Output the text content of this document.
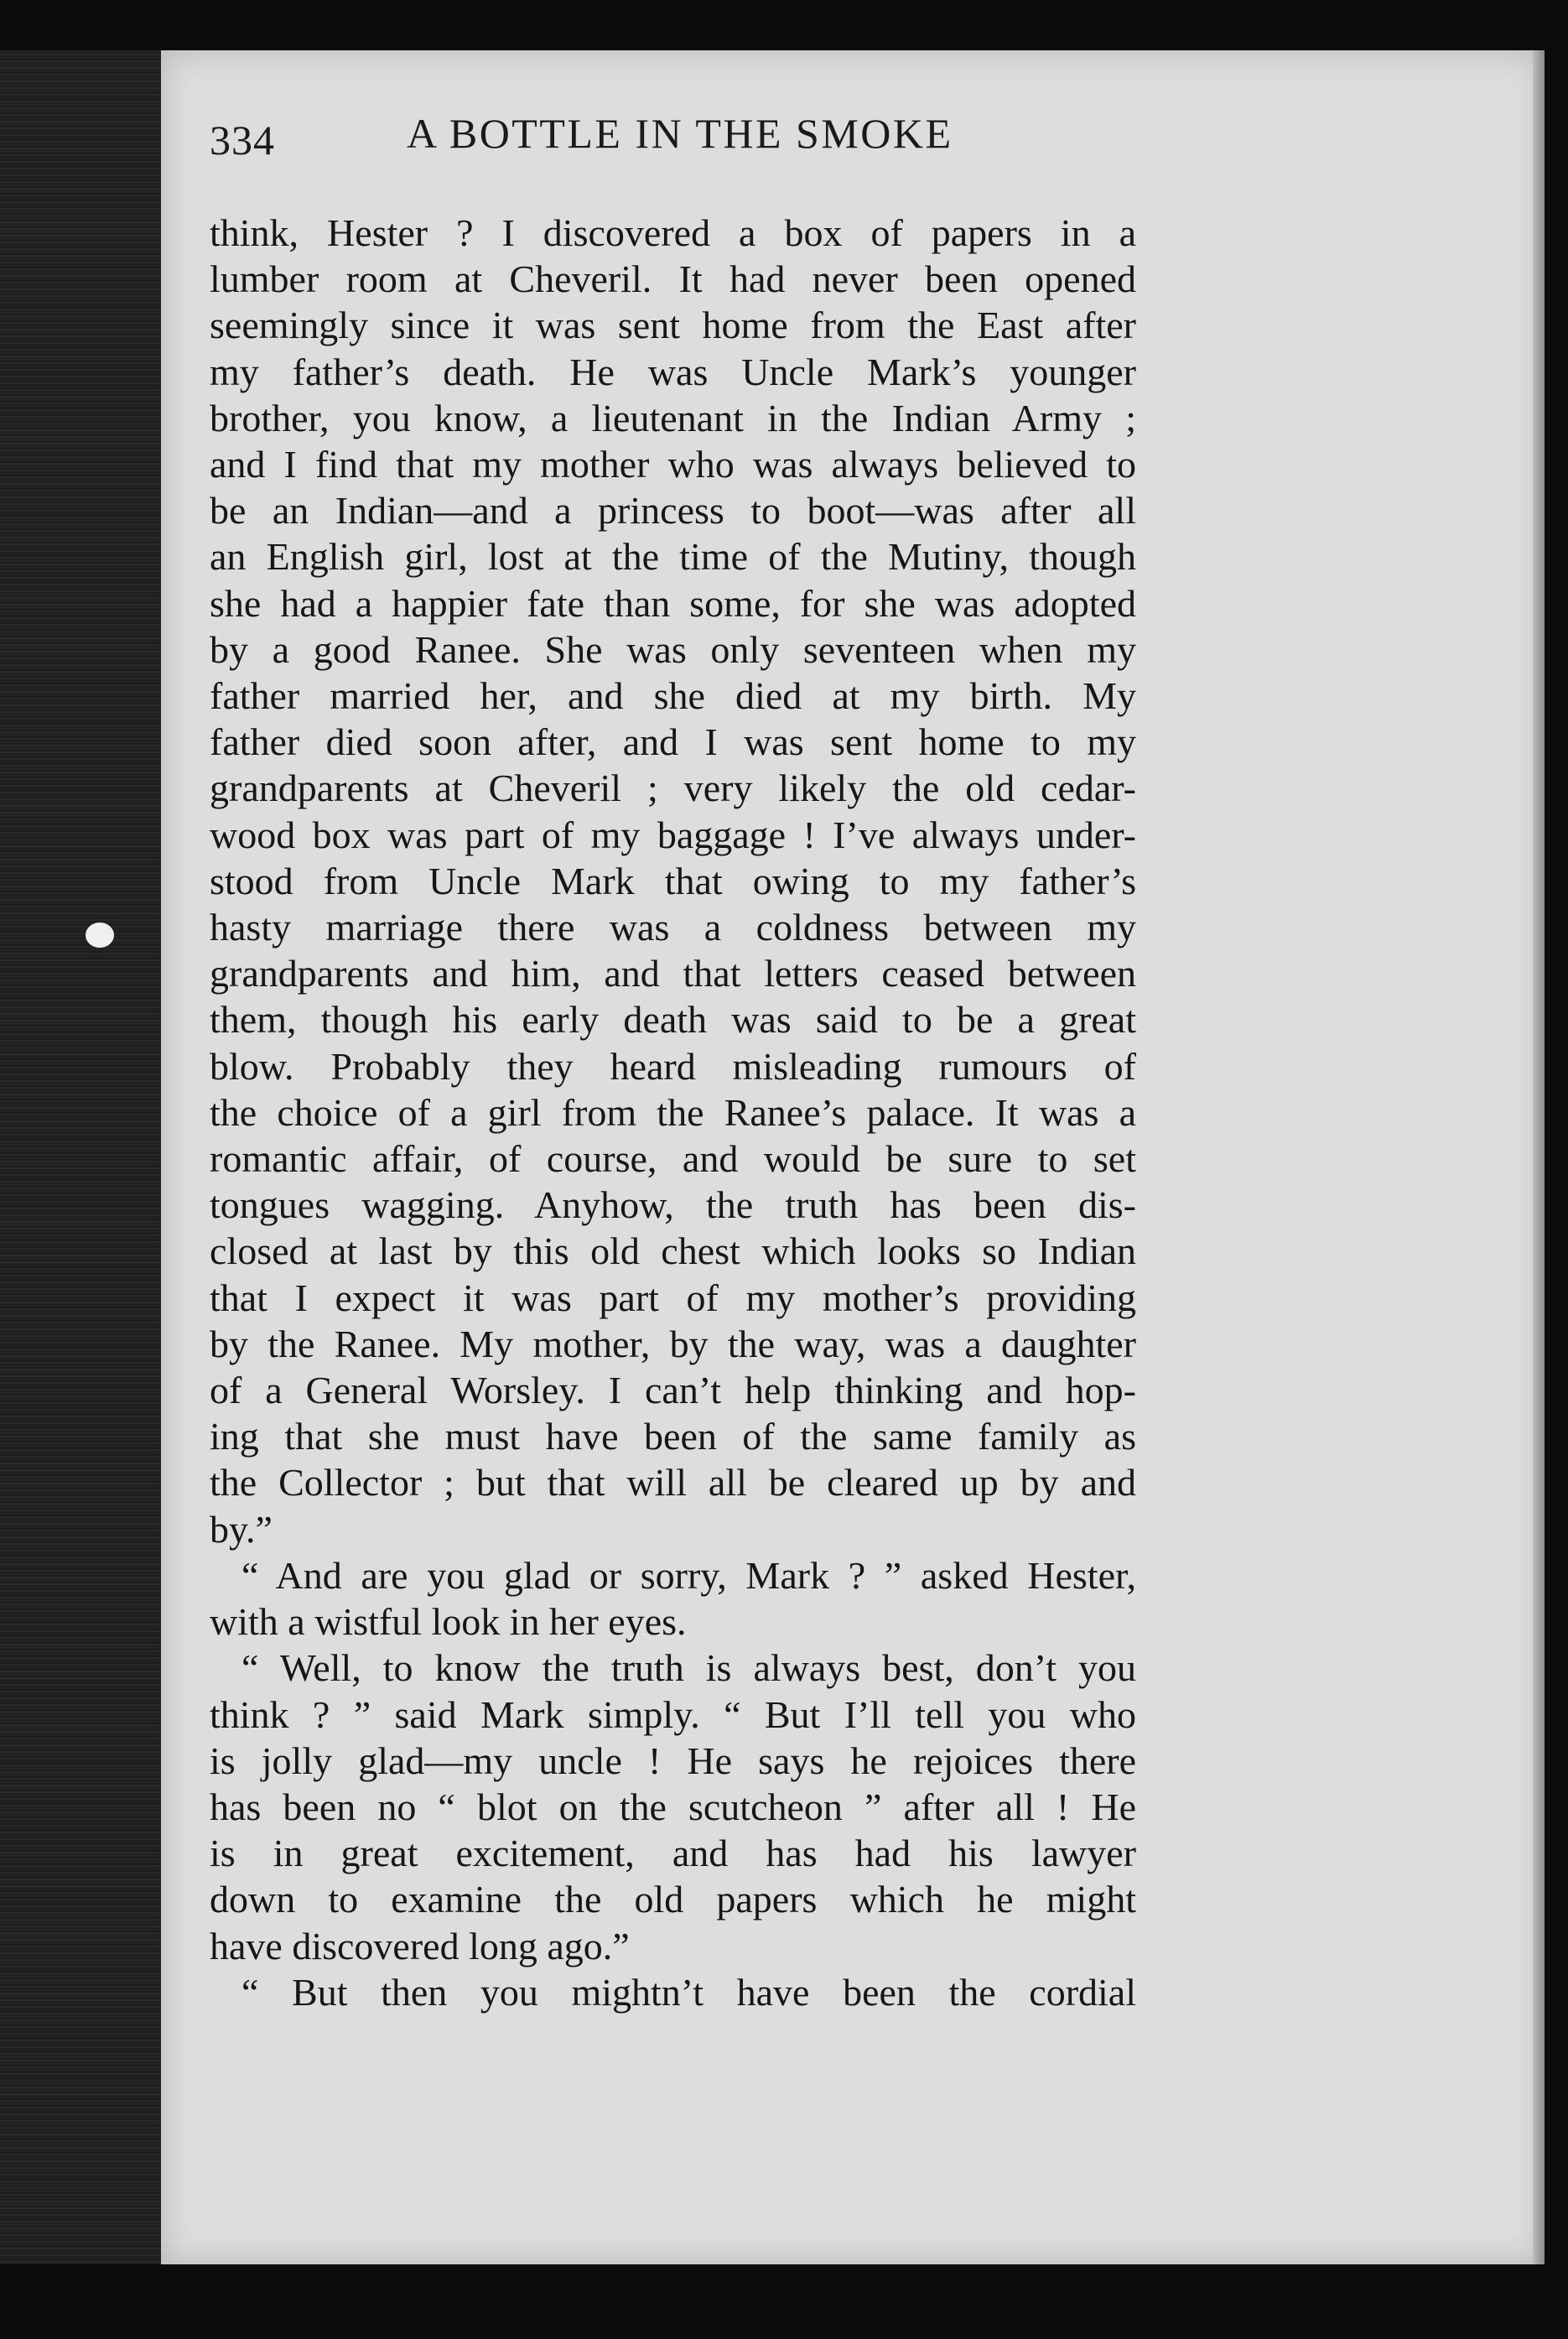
334	A BOTTLE IN THE SMOKE

think, Hester ? I discovered a box of papers in a

lumber room at Cheveril. It had never been opened

seemingly since it was sent home from the East after

my father’s death. He was Uncle Mark’s younger

brother, you know, a lieutenant in the Indian Army ;

and I find that my mother who was always believed to

be an Indian—and a princess to boot—was after all

an English girl, lost at the time of the Mutiny, though

she had a happier fate than some, for she was adopted

by a good Ranee. She was only seventeen when my

father married her, and she died at my birth. My

father died soon after, and I was sent home to my

grandparents at Cheveril ; very likely the old cedar-

wood box was part of my baggage ! I’ve always under-

stood from Uncle Mark that owing to my father’s

hasty marriage there was a coldness between my

grandparents and him, and that letters ceased between

them, though his early death was said to be a great

blow. Probably they heard misleading rumours of

the choice of a girl from the Ranee’s palace. It was a

romantic affair, of course, and would be sure to set

tongues wagging. Anyhow, the truth has been dis-

closed at last by this old chest which looks so Indian

that I expect it was part of my mother’s providing

by the Ranee. My mother, by the way, was a daughter

of a General Worsley. I can’t help thinking and hop-

ing that she must have been of the same family as

the Collector ; but that will all be cleared up by and

by.”

“ And are you glad or sorry, Mark ? ” asked Hester,

with a wistful look in her eyes.

“ Well, to know the truth is always best, don’t you

think ? ” said Mark simply. “ But I’ll tell you who

is jolly glad—my uncle ! He says he rejoices there

has been no “ blot on the scutcheon ” after all ! He

is in great excitement, and has had his lawyer

down to examine the old papers which he might

have discovered long ago.”

“ But then you mightn’t have been the cordial
